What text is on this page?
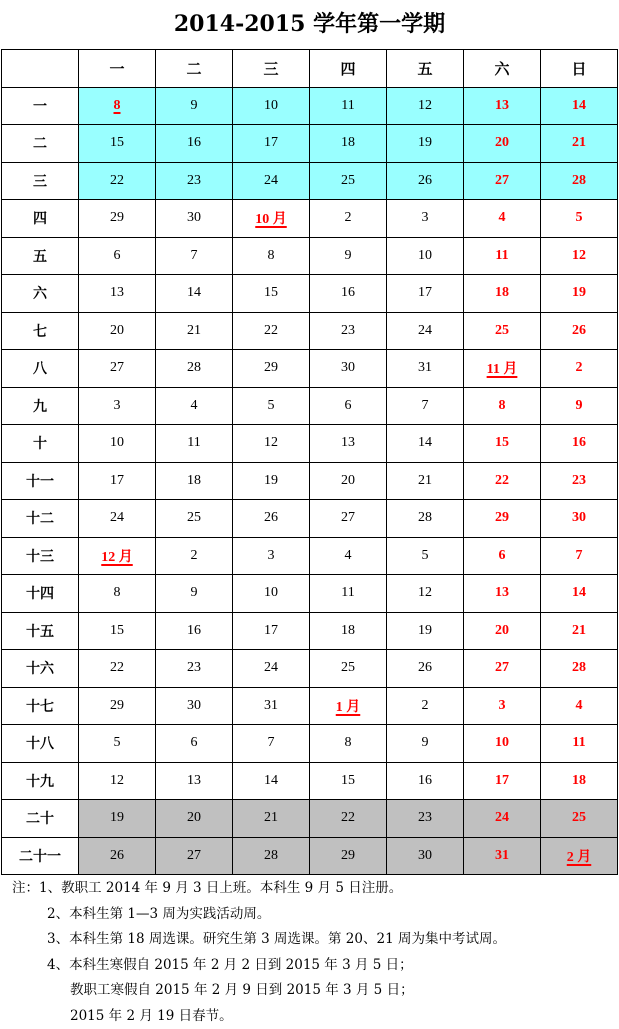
2014-2015 学年第一学期
	一	二	三	四	五	六	日
一	8	9	10	11	12	13	14
二	15	16	17	18	19	20	21
三	22	23	24	25	26	27	28
四	29	30	10 月	2	3	4	5
五	6	7	8	9	10	11	12
六	13	14	15	16	17	18	19
七	20	21	22	23	24	25	26
八	27	28	29	30	31	11 月	2
九	3	4	5	6	7	8	9
十	10	11	12	13	14	15	16
十一	17	18	19	20	21	22	23
十二	24	25	26	27	28	29	30
十三	12 月	2	3	4	5	6	7
十四	8	9	10	11	12	13	14
十五	15	16	17	18	19	20	21
十六	22	23	24	25	26	27	28
十七	29	30	31	1 月	2	3	4
十八	5	6	7	8	9	10	11
十九	12	13	14	15	16	17	18
二十	19	20	21	22	23	24	25
二十一	26	27	28	29	30	31	2 月
注：1、教职工 2014 年 9 月 3 日上班。本科生 9 月 5 日注册。
2、本科生第 1—3 周为实践活动周。
3、本科生第 18 周选课。研究生第 3 周选课。第 20、21 周为集中考试周。
4、本科生寒假自 2015 年 2 月 2 日到 2015 年 3 月 5 日；
教职工寒假自 2015 年 2 月 9 日到 2015 年 3 月 5 日；
2015 年 2 月 19 日春节。
